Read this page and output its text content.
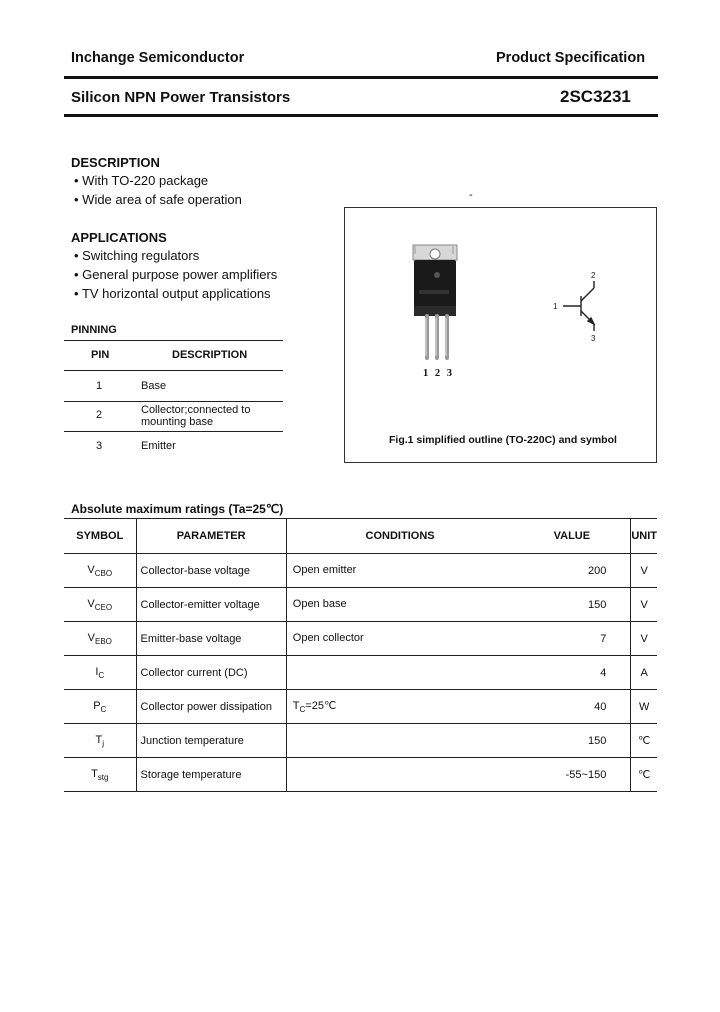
Inchange Semiconductor	Product Specification
Silicon NPN Power Transistors	2SC3231
DESCRIPTION
• With TO-220 package
• Wide area of safe operation
APPLICATIONS
• Switching regulators
• General purpose power amplifiers
• TV horizontal output applications
PINNING
PIN	DESCRIPTION
1	Base
2	Collector;connected to mounting base
3	Emitter
-
1
2
3
1 2 3
Fig.1 simplified outline (TO-220C) and symbol
Absolute maximum ratings (Ta=25℃)
SYMBOL	PARAMETER	CONDITIONS	VALUE	UNIT
$V_{CBO}$	Collector-base voltage	Open emitter	200	V
$V_{CEO}$	Collector-emitter voltage	Open base	150	V
$V_{EBO}$	Emitter-base voltage	Open collector	7	V
$I_C$	Collector current (DC)		4	A
$P_C$	Collector power dissipation	$T_C=25℃$	40	W
$T_j$	Junction temperature		150	℃
$T_{stg}$	Storage temperature		-55~150	℃
